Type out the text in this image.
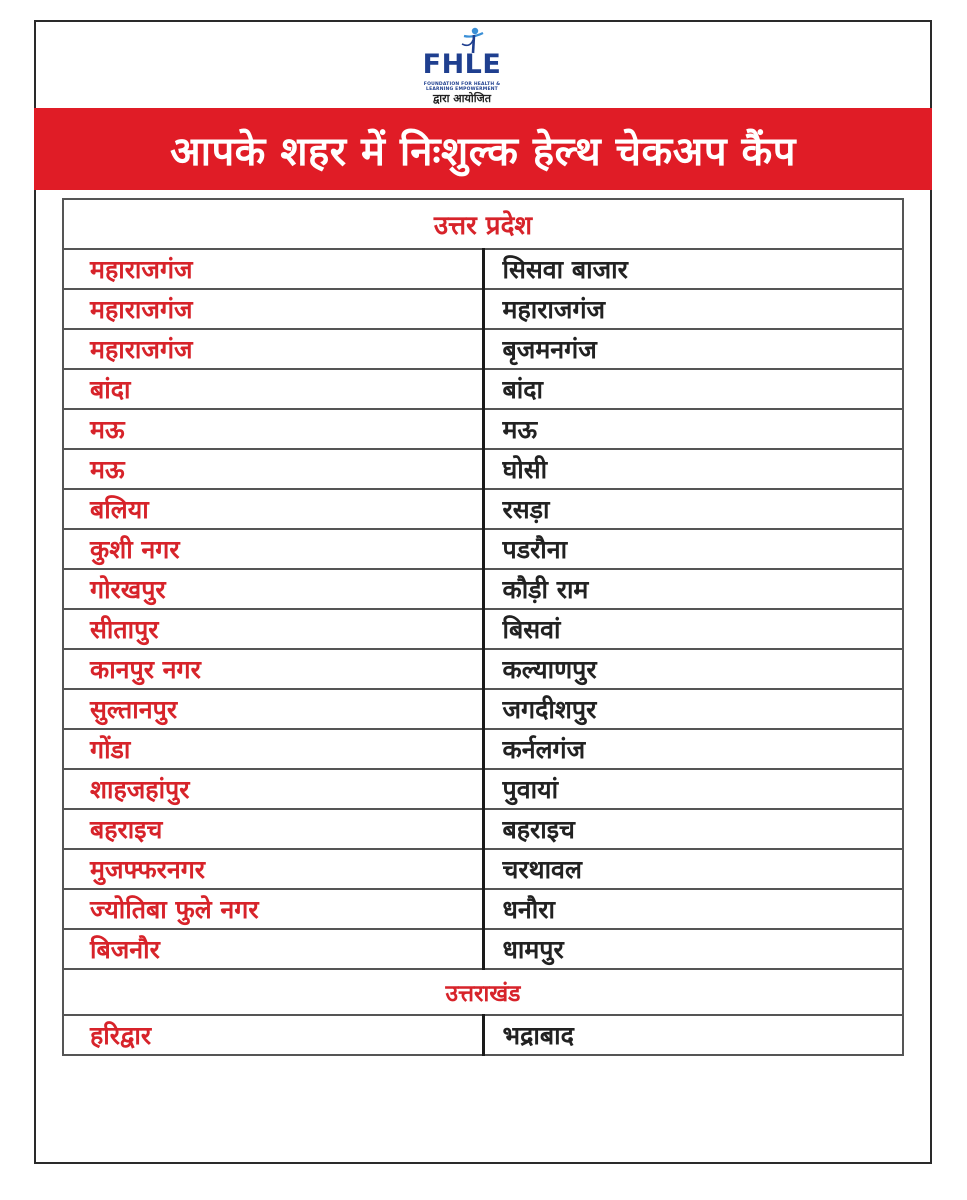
FHLE
FOUNDATION FOR HEALTH & LEARNING EMPOWERMENT
द्वारा आयोजित
आपके शहर में निःशुल्क हेल्थ चेकअप कैंप
उत्तर प्रदेश	
महाराजगंज	सिसवा बाजार
महाराजगंज	महाराजगंज
महाराजगंज	बृजमनगंज
बांदा	बांदा
मऊ	मऊ
मऊ	घोसी
बलिया	रसड़ा
कुशी नगर	पडरौना
गोरखपुर	कौड़ी राम
सीतापुर	बिसवां
कानपुर नगर	कल्याणपुर
सुल्तानपुर	जगदीशपुर
गोंडा	कर्नलगंज
शाहजहांपुर	पुवायां
बहराइच	बहराइच
मुजफ्फरनगर	चरथावल
ज्योतिबा फुले नगर	धनौरा
बिजनौर	धामपुर
उत्तराखंड	
हरिद्वार	भद्राबाद
